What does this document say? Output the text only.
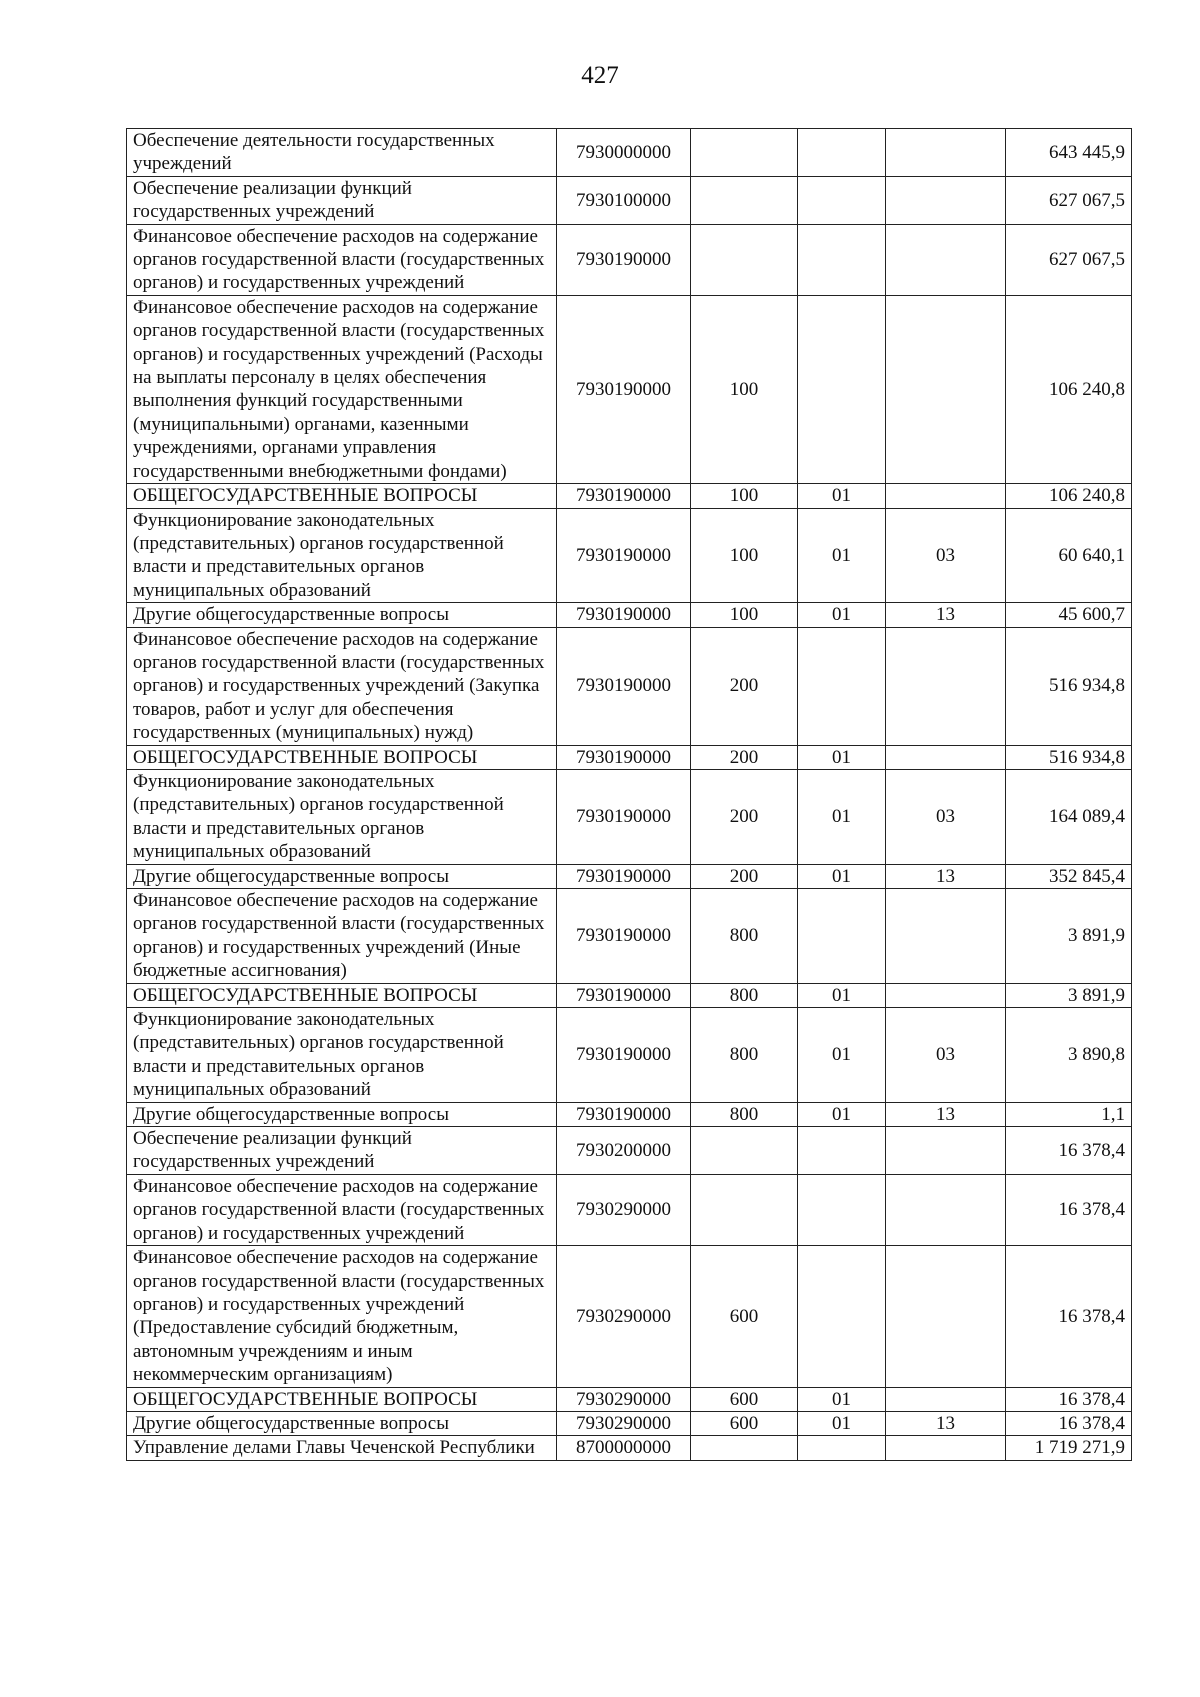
427
Обеспечение деятельности государственных учреждений	7930000000				643 445,9
Обеспечение реализации функций государственных учреждений	7930100000				627 067,5
Финансовое обеспечение расходов на содержание органов государственной власти (государственных органов) и государственных учреждений	7930190000				627 067,5
Финансовое обеспечение расходов на содержание органов государственной власти (государственных органов) и государственных учреждений (Расходы на выплаты персоналу в целях обеспечения выполнения функций государственными (муниципальными) органами, казенными учреждениями, органами управления государственными внебюджетными фондами)	7930190000	100			106 240,8
ОБЩЕГОСУДАРСТВЕННЫЕ ВОПРОСЫ	7930190000	100	01		106 240,8
Функционирование законодательных (представительных) органов государственной власти и представительных органов муниципальных образований	7930190000	100	01	03	60 640,1
Другие общегосударственные вопросы	7930190000	100	01	13	45 600,7
Финансовое обеспечение расходов на содержание органов государственной власти (государственных органов) и государственных учреждений (Закупка товаров, работ и услуг для обеспечения государственных (муниципальных) нужд)	7930190000	200			516 934,8
ОБЩЕГОСУДАРСТВЕННЫЕ ВОПРОСЫ	7930190000	200	01		516 934,8
Функционирование законодательных (представительных) органов государственной власти и представительных органов муниципальных образований	7930190000	200	01	03	164 089,4
Другие общегосударственные вопросы	7930190000	200	01	13	352 845,4
Финансовое обеспечение расходов на содержание органов государственной власти (государственных органов) и государственных учреждений (Иные бюджетные ассигнования)	7930190000	800			3 891,9
ОБЩЕГОСУДАРСТВЕННЫЕ ВОПРОСЫ	7930190000	800	01		3 891,9
Функционирование законодательных (представительных) органов государственной власти и представительных органов муниципальных образований	7930190000	800	01	03	3 890,8
Другие общегосударственные вопросы	7930190000	800	01	13	1,1
Обеспечение реализации функций государственных учреждений	7930200000				16 378,4
Финансовое обеспечение расходов на содержание органов государственной власти (государственных органов) и государственных учреждений	7930290000				16 378,4
Финансовое обеспечение расходов на содержание органов государственной власти (государственных органов) и государственных учреждений (Предоставление субсидий бюджетным, автономным учреждениям и иным некоммерческим организациям)	7930290000	600			16 378,4
ОБЩЕГОСУДАРСТВЕННЫЕ ВОПРОСЫ	7930290000	600	01		16 378,4
Другие общегосударственные вопросы	7930290000	600	01	13	16 378,4
Управление делами Главы Чеченской Республики	8700000000				1 719 271,9
